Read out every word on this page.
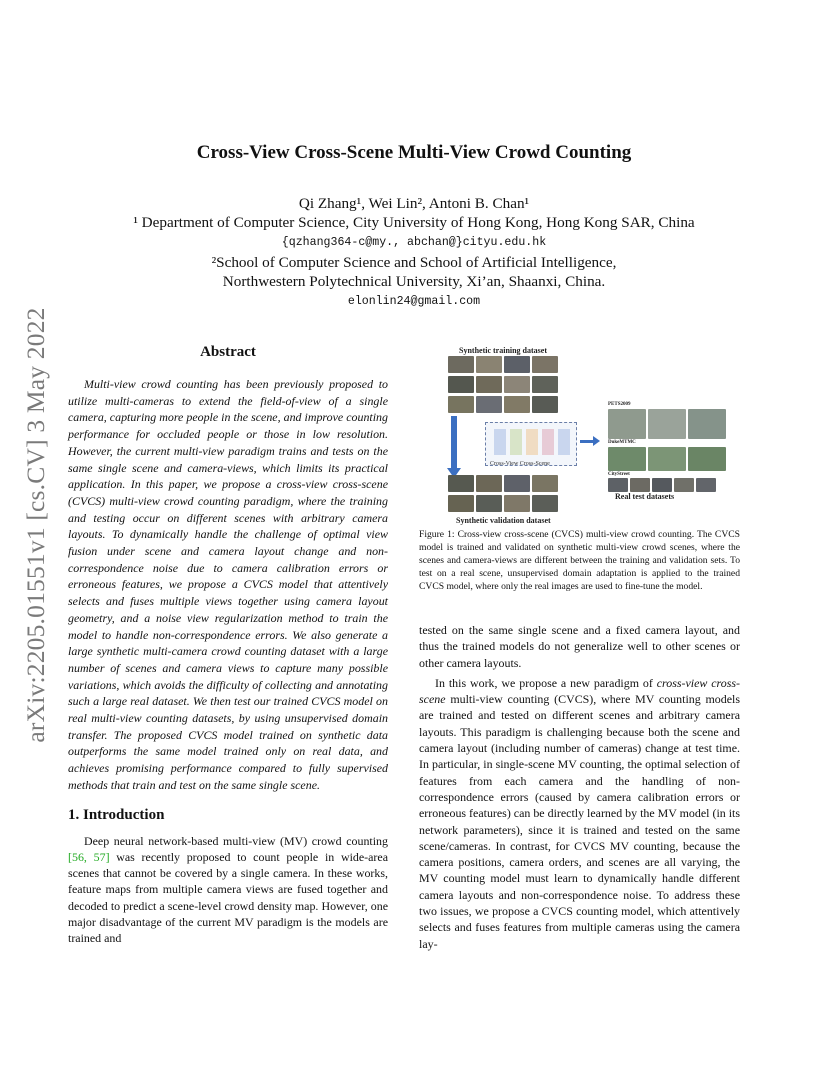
arXiv:2205.01551v1 [cs.CV] 3 May 2022
Cross-View Cross-Scene Multi-View Crowd Counting
Qi Zhang¹, Wei Lin², Antoni B. Chan¹
¹ Department of Computer Science, City University of Hong Kong, Hong Kong SAR, China
{qzhang364-c@my., abchan@}cityu.edu.hk
²School of Computer Science and School of Artificial Intelligence,
Northwestern Polytechnical University, Xi’an, Shaanxi, China.
elonlin24@gmail.com
Abstract

Multi-view crowd counting has been previously proposed to utilize multi-cameras to extend the field-of-view of a single camera, capturing more people in the scene, and improve counting performance for occluded people or those in low resolution. However, the current multi-view paradigm trains and tests on the same single scene and camera-views, which limits its practical application. In this paper, we propose a cross-view cross-scene (CVCS) multi-view crowd counting paradigm, where the training and testing occur on different scenes with arbitrary camera layouts. To dynamically handle the challenge of optimal view fusion under scene and camera layout change and non-correspondence noise due to camera calibration errors or erroneous features, we propose a CVCS model that attentively selects and fuses multiple views together using camera layout geometry, and a noise view regularization method to train the model to handle non-correspondence errors. We also generate a large synthetic multi-camera crowd counting dataset with a large number of scenes and camera views to capture many possible variations, which avoids the difficulty of collecting and annotating such a large real dataset. We then test our trained CVCS model on real multi-view counting datasets, by using unsupervised domain transfer. The proposed CVCS model trained on synthetic data outperforms the same model trained only on real data, and achieves promising performance compared to fully supervised methods that train and test on the same single scene.

1. Introduction

Deep neural network-based multi-view (MV) crowd counting [56, 57] was recently proposed to count people in wide-area scenes that cannot be covered by a single camera. In these works, feature maps from multiple camera views are fused together and decoded to predict a scene-level crowd density map. However, one major disadvantage of the current MV paradigm is the models are trained and

Synthetic training dataset
Cross-View Cross-Scene
PETS2009
DukeMTMC
CityStreet
Real test datasets
Synthetic validation dataset

Figure 1: Cross-view cross-scene (CVCS) multi-view crowd counting. The CVCS model is trained and validated on synthetic multi-view crowd scenes, where the scenes and camera-views are different between the training and validation sets. To test on a real scene, unsupervised domain adaptation is applied to the trained CVCS model, where only the real images are used to fine-tune the model.

tested on the same single scene and a fixed camera layout, and thus the trained models do not generalize well to other scenes or other camera layouts.

In this work, we propose a new paradigm of cross-view cross-scene multi-view counting (CVCS), where MV counting models are trained and tested on different scenes and arbitrary camera layouts. This paradigm is challenging because both the scene and camera layout (including number of cameras) change at test time. In particular, in single-scene MV counting, the optimal selection of features from each camera and the handling of non-correspondence errors (caused by camera calibration errors or erroneous features) can be directly learned by the MV model (in its network parameters), since it is trained and tested on the same scene/cameras. In contrast, for CVCS MV counting, because the camera positions, camera orders, and scenes are all varying, the MV counting model must learn to dynamically handle different camera layouts and non-correspondence noise. To address these two issues, we propose a CVCS counting model, which attentively selects and fuses features from multiple cameras using the camera lay-
